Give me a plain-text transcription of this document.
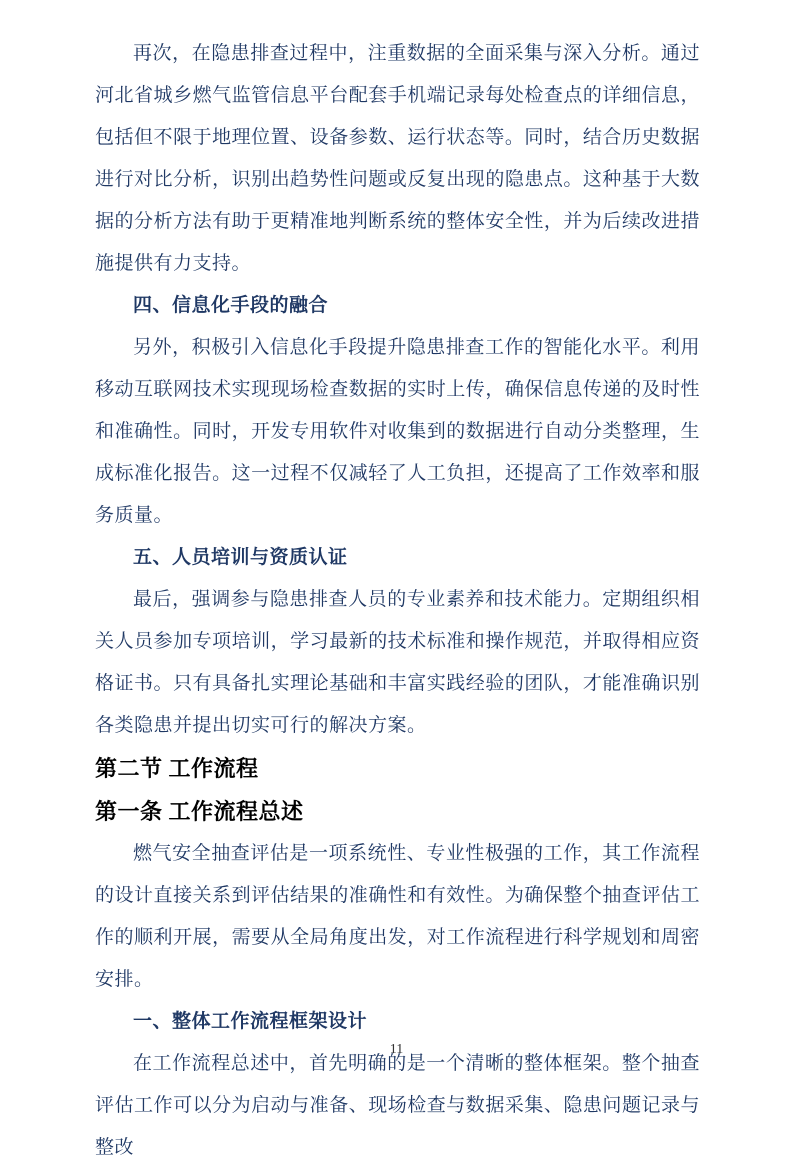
再次，在隐患排查过程中，注重数据的全面采集与深入分析。通过河北省城乡燃气监管信息平台配套手机端记录每处检查点的详细信息，包括但不限于地理位置、设备参数、运行状态等。同时，结合历史数据进行对比分析，识别出趋势性问题或反复出现的隐患点。这种基于大数据的分析方法有助于更精准地判断系统的整体安全性，并为后续改进措施提供有力支持。

四、信息化手段的融合

另外，积极引入信息化手段提升隐患排查工作的智能化水平。利用移动互联网技术实现现场检查数据的实时上传，确保信息传递的及时性和准确性。同时，开发专用软件对收集到的数据进行自动分类整理，生成标准化报告。这一过程不仅减轻了人工负担，还提高了工作效率和服务质量。

五、人员培训与资质认证

最后，强调参与隐患排查人员的专业素养和技术能力。定期组织相关人员参加专项培训，学习最新的技术标准和操作规范，并取得相应资格证书。只有具备扎实理论基础和丰富实践经验的团队，才能准确识别各类隐患并提出切实可行的解决方案。

第二节 工作流程

第一条 工作流程总述

燃气安全抽查评估是一项系统性、专业性极强的工作，其工作流程的设计直接关系到评估结果的准确性和有效性。为确保整个抽查评估工作的顺利开展，需要从全局角度出发，对工作流程进行科学规划和周密安排。

一、整体工作流程框架设计

在工作流程总述中，首先明确的是一个清晰的整体框架。整个抽查评估工作可以分为启动与准备、现场检查与数据采集、隐患问题记录与整改

11
